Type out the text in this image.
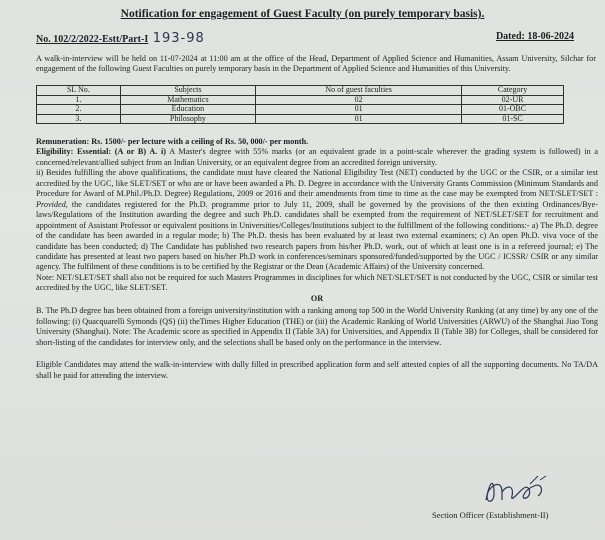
Notification for engagement of Guest Faculty (on purely temporary basis).
No. 102/2/2022-Estt/Part-I 193-98	Dated: 18-06-2024
A walk-in-interview will be held on 11-07-2024 at 11:00 am at the office of the Head, Department of Applied Science and Humanities, Assam University, Silchar for engagement of the following Guest Faculties on purely temporary basis in the Department of Applied Science and Humanities of this University.
SL No.	Subjects	No of guest faculties	Category
1.	Mathematics	02	02-UR
2.	Education	01	01-OBC
3.	Philosophy	01	01-SC

Remuneration: Rs. 1500/- per lecture with a ceiling of Rs. 50, 000/- per month.

Eligibility: Essential: (A or B) A. i) A Master's degree with 55% marks (or an equivalent grade in a point-scale wherever the grading system is followed) in a concerned/relevant/allied subject from an Indian University, or an equivalent degree from an accredited foreign university.

ii) Besides fulfilling the above qualifications, the candidate must have cleared the National Eligibility Test (NET) conducted by the UGC or the CSIR, or a similar test accredited by the UGC, like SLET/SET or who are or have been awarded a Ph. D. Degree in accordance with the University Grants Commission (Minimum Standards and Procedure for Award of M.Phil./Ph.D. Degree) Regulations, 2009 or 2016 and their amendments from time to time as the case may be exempted from NET/SLET/SET : Provided, the candidates registered for the Ph.D. programme prior to July 11, 2009, shall be governed by the provisions of the then existing Ordinances/Bye-laws/Regulations of the Institution awarding the degree and such Ph.D. candidates shall be exempted from the requirement of NET/SLET/SET for recruitment and appointment of Assistant Professor or equivalent positions in Universities/Colleges/Institutions subject to the fulfillment of the following conditions:- a) The Ph.D. degree of the candidate has been awarded in a regular mode; b) The Ph.D. thesis has been evaluated by at least two external examiners; c) An open Ph.D. viva voce of the candidate has been conducted; d) The Candidate has published two research papers from his/her Ph.D. work, out of which at least one is in a refereed journal; e) The candidate has presented at least two papers based on his/her Ph.D work in conferences/seminars sponsored/funded/supported by the UGC / ICSSR/ CSIR or any similar agency. The fulfilment of these conditions is to be certified by the Registrar or the Dean (Academic Affairs) of the University concerned.

Note: NET/SLET/SET shall also not be required for such Masters Programmes in disciplines for which NET/SLET/SET is not conducted by the UGC, CSIR or similar test accredited by the UGC, like SLET/SET.

OR

B. The Ph.D degree has been obtained from a foreign university/institution with a ranking among top 500 in the World University Ranking (at any time) by any one of the following: (i) Quacquarelli Symonds (QS) (ii) theTimes Higher Education (THE) or (iii) the Academic Ranking of World Universities (ARWU) of the Shanghai Jiao Tong University (Shanghai). Note: The Academic score as specified in Appendix II (Table 3A) for Universities, and Appendix II (Table 3B) for Colleges, shall be considered for short-listing of the candidates for interview only, and the selections shall be based only on the performance in the interview.

Eligible Candidates may attend the walk-in-interview with dully filled in prescribed application form and self attested copies of all the supporting documents. No TA/DA shall be paid for attending the interview.

Section Officer (Establishment-II)
